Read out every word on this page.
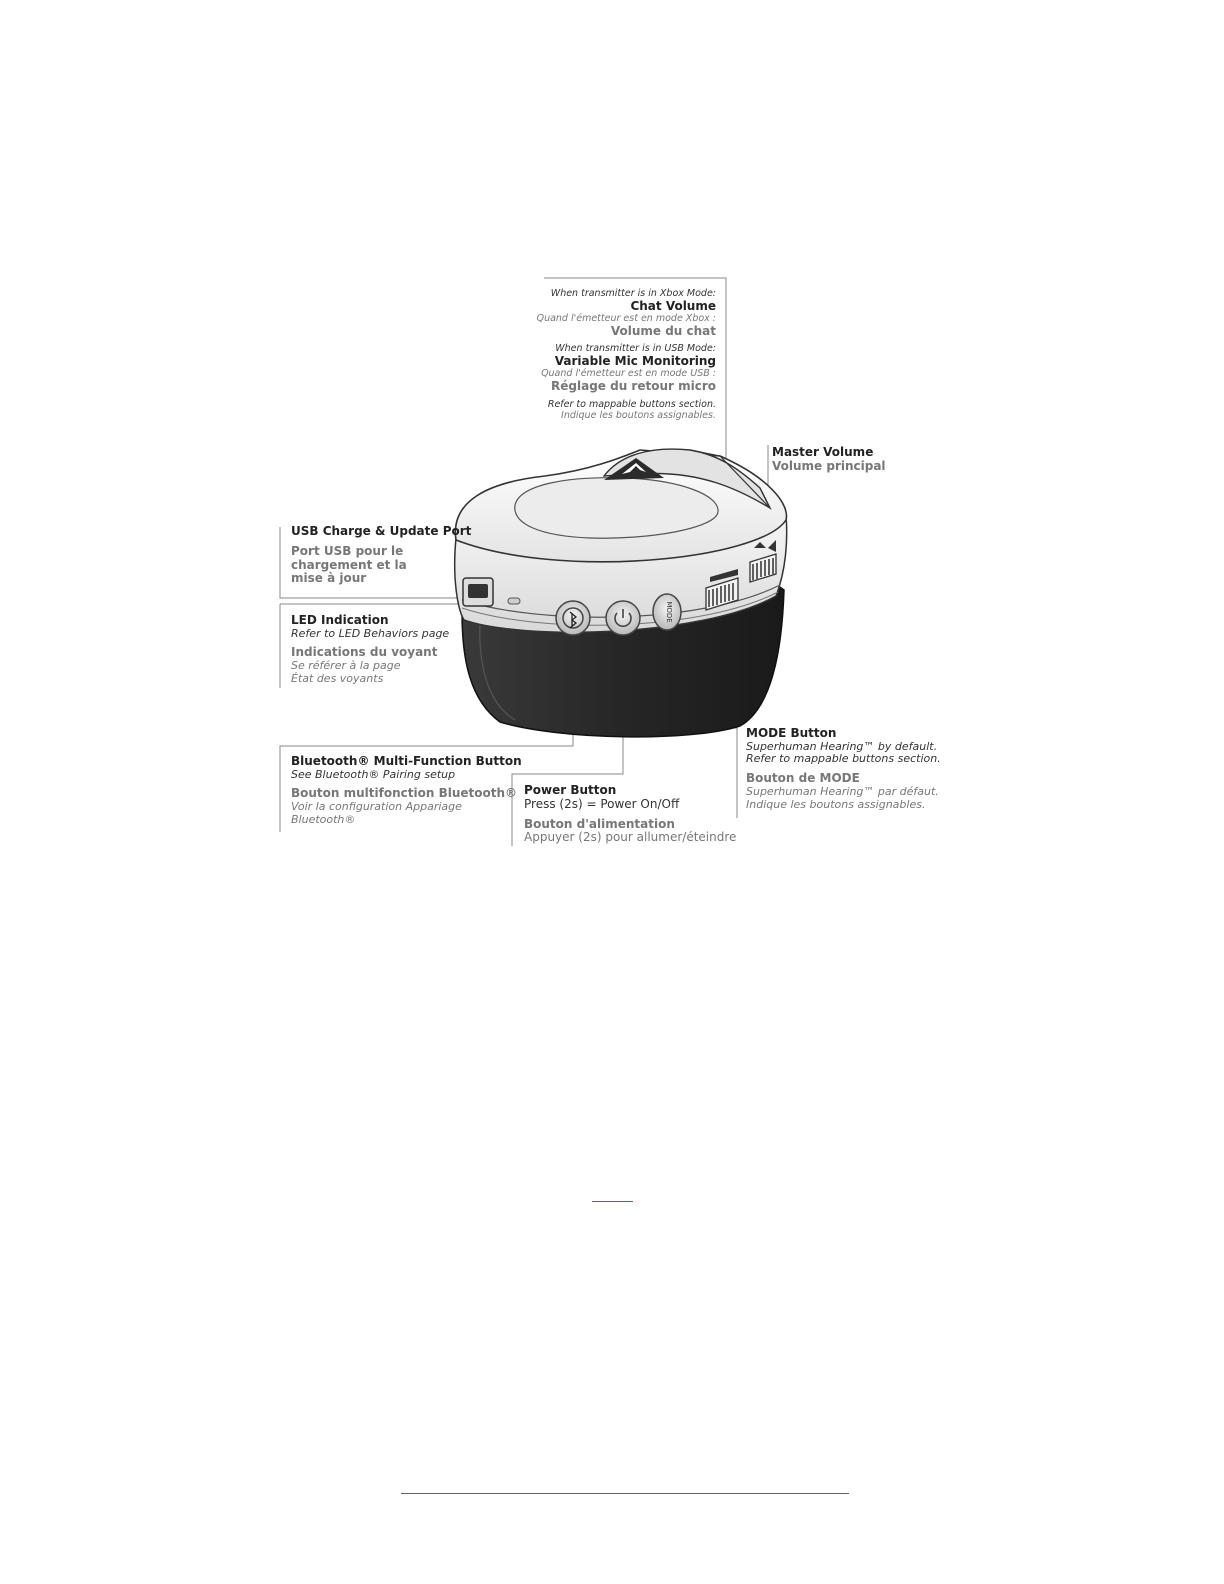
MODE
When transmitter is in Xbox Mode:
Chat Volume
Quand l'émetteur est en mode Xbox :
Volume du chat
When transmitter is in USB Mode:
Variable Mic Monitoring
Quand l'émetteur est en mode USB :
Réglage du retour micro
Refer to mappable buttons section.
Indique les boutons assignables.
Master Volume
Volume principal
USB Charge & Update Port
Port USB pour le
chargement et la
mise à jour
LED Indication
Refer to LED Behaviors page
Indications du voyant
Se référer à la page
État des voyants
Bluetooth® Multi-Function Button
See Bluetooth® Pairing setup
Bouton multifonction Bluetooth®
Voir la configuration Appariage
Bluetooth®
Power Button
Press (2s) = Power On/Off
Bouton d'alimentation
Appuyer (2s) pour allumer/éteindre
MODE Button
Superhuman Hearing™ by default.
Refer to mappable buttons section.
Bouton de MODE
Superhuman Hearing™ par défaut.
Indique les boutons assignables.
